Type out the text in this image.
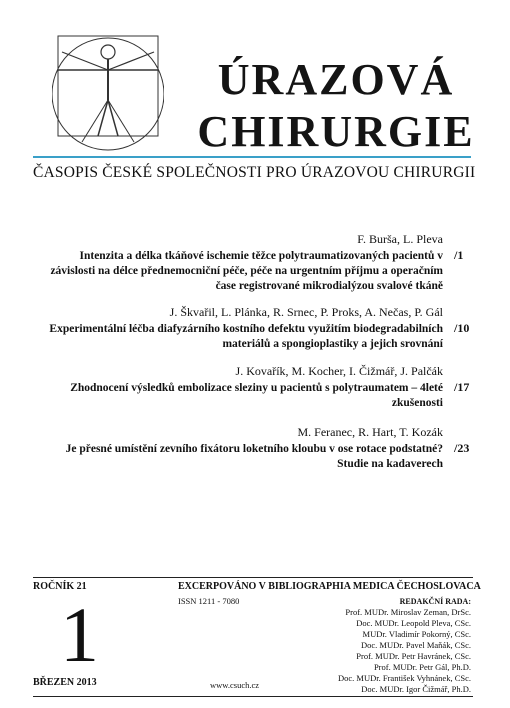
ÚRAZOVÁ
CHIRURGIE
ČASOPIS ČESKÉ SPOLEČNOSTI PRO ÚRAZOVOU CHIRURGII
F. Burša, L. Pleva
Intenzita a délka tkáňové ischemie těžce polytraumatizovaných pacientů v závislosti na délce přednemocniční péče, péče na urgentním příjmu a operačním čase registrované mikrodialýzou svalové tkáně
/1
J. Škvařil, L. Plánka, R. Srnec, P. Proks, A. Nečas, P. Gál
Experimentální léčba diafyzárního kostního defektu využitím biodegradabilních materiálů a spongioplastiky a jejich srovnání
/10
J. Kovařík, M. Kocher, I. Čižmář, J. Palčák
Zhodnocení výsledků embolizace sleziny u pacientů s polytraumatem – 4leté zkušenosti
/17
M. Feranec, R. Hart, T. Kozák
Je přesné umístění zevního fixátoru loketního kloubu v ose rotace podstatné? Studie na kadaverech
/23
ROČNÍK 21	EXCERPOVÁNO V BIBLIOGRAPHIA MEDICA ČECHOSLOVACA
ISSN 1211 - 7080
1
BŘEZEN 2013	www.csuch.cz
REDAKČNÍ RADA:
Prof. MUDr. Miroslav Zeman, DrSc.
Doc. MUDr. Leopold Pleva, CSc.
MUDr. Vladimír Pokorný, CSc.
Doc. MUDr. Pavel Maňák, CSc.
Prof. MUDr. Petr Havránek, CSc.
Prof. MUDr. Petr Gál, Ph.D.
Doc. MUDr. František Vyhnánek, CSc.
Doc. MUDr. Igor Čižmář, Ph.D.
